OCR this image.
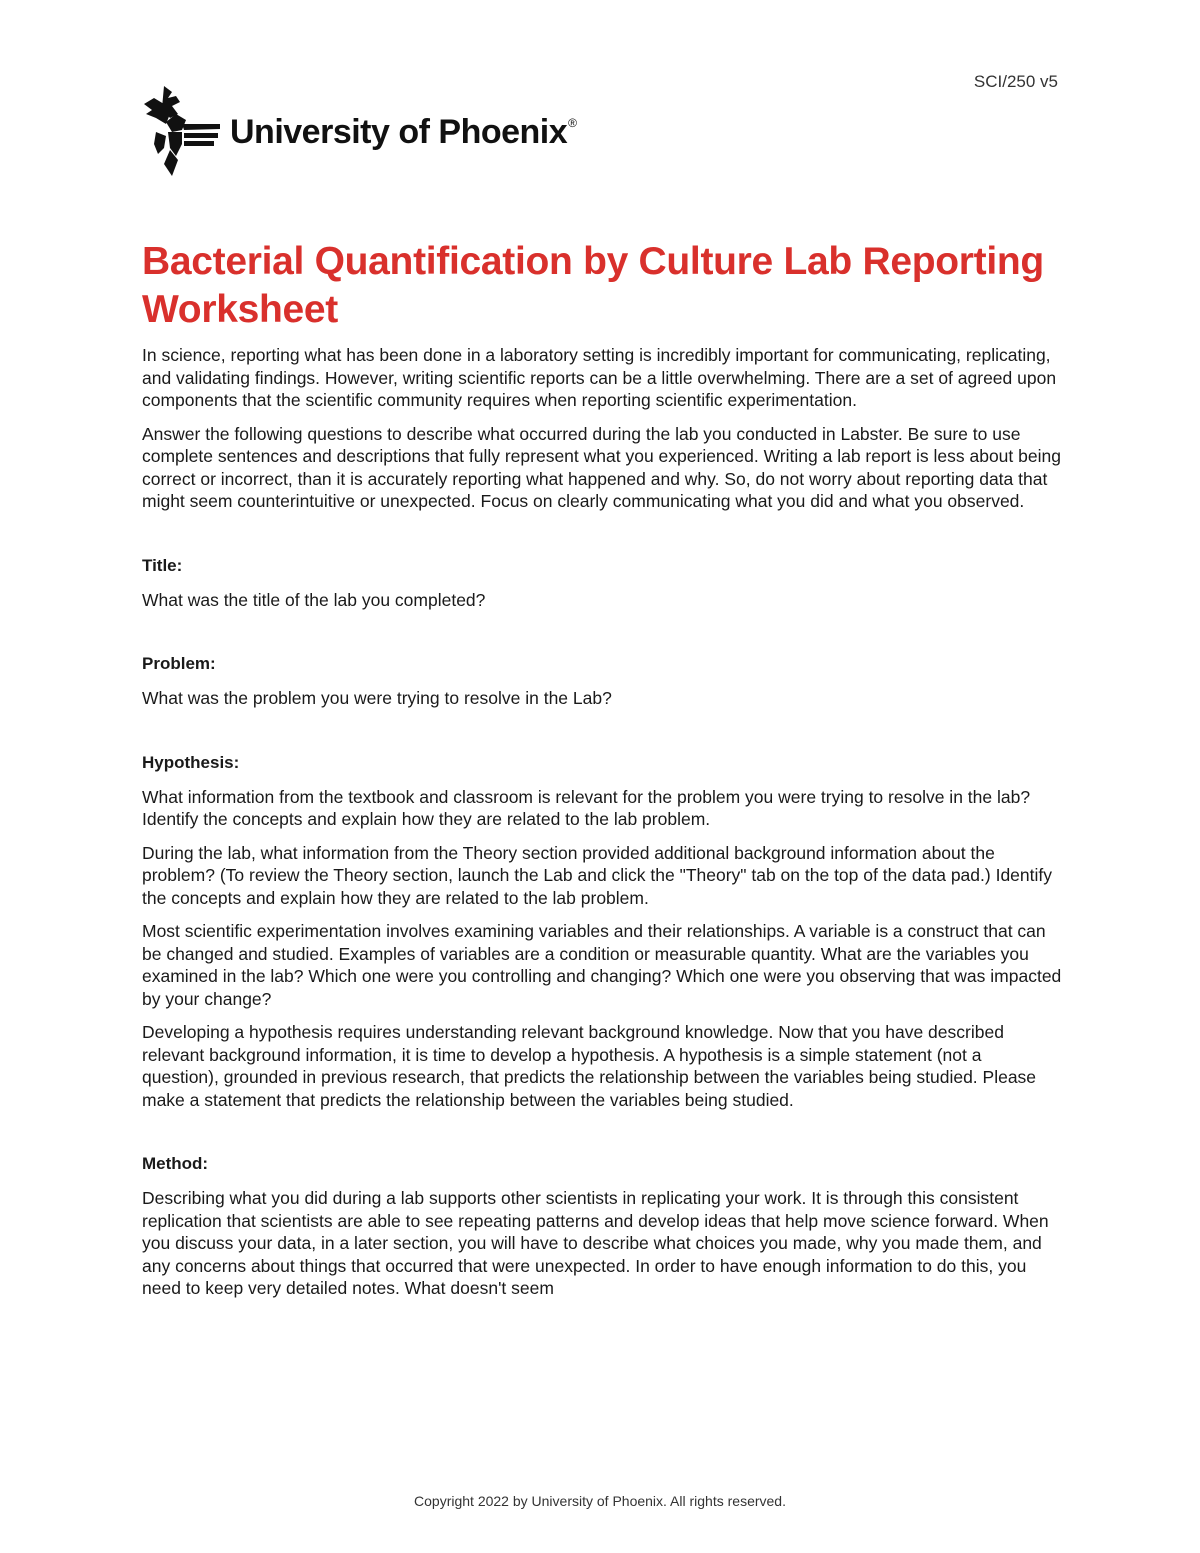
SCI/250 v5
University of Phoenix®
Bacterial Quantification by Culture Lab Reporting Worksheet

In science, reporting what has been done in a laboratory setting is incredibly important for communicating, replicating, and validating findings. However, writing scientific reports can be a little overwhelming. There are a set of agreed upon components that the scientific community requires when reporting scientific experimentation.

Answer the following questions to describe what occurred during the lab you conducted in Labster. Be sure to use complete sentences and descriptions that fully represent what you experienced. Writing a lab report is less about being correct or incorrect, than it is accurately reporting what happened and why. So, do not worry about reporting data that might seem counterintuitive or unexpected. Focus on clearly communicating what you did and what you observed.

Title:

What was the title of the lab you completed?

Problem:

What was the problem you were trying to resolve in the Lab?

Hypothesis:

What information from the textbook and classroom is relevant for the problem you were trying to resolve in the lab? Identify the concepts and explain how they are related to the lab problem.

During the lab, what information from the Theory section provided additional background information about the problem? (To review the Theory section, launch the Lab and click the "Theory" tab on the top of the data pad.) Identify the concepts and explain how they are related to the lab problem.

Most scientific experimentation involves examining variables and their relationships. A variable is a construct that can be changed and studied. Examples of variables are a condition or measurable quantity. What are the variables you examined in the lab? Which one were you controlling and changing? Which one were you observing that was impacted by your change?

Developing a hypothesis requires understanding relevant background knowledge. Now that you have described relevant background information, it is time to develop a hypothesis. A hypothesis is a simple statement (not a question), grounded in previous research, that predicts the relationship between the variables being studied. Please make a statement that predicts the relationship between the variables being studied.

Method:

Describing what you did during a lab supports other scientists in replicating your work. It is through this consistent replication that scientists are able to see repeating patterns and develop ideas that help move science forward. When you discuss your data, in a later section, you will have to describe what choices you made, why you made them, and any concerns about things that occurred that were unexpected. In order to have enough information to do this, you need to keep very detailed notes. What doesn't seem

Copyright 2022 by University of Phoenix. All rights reserved.
